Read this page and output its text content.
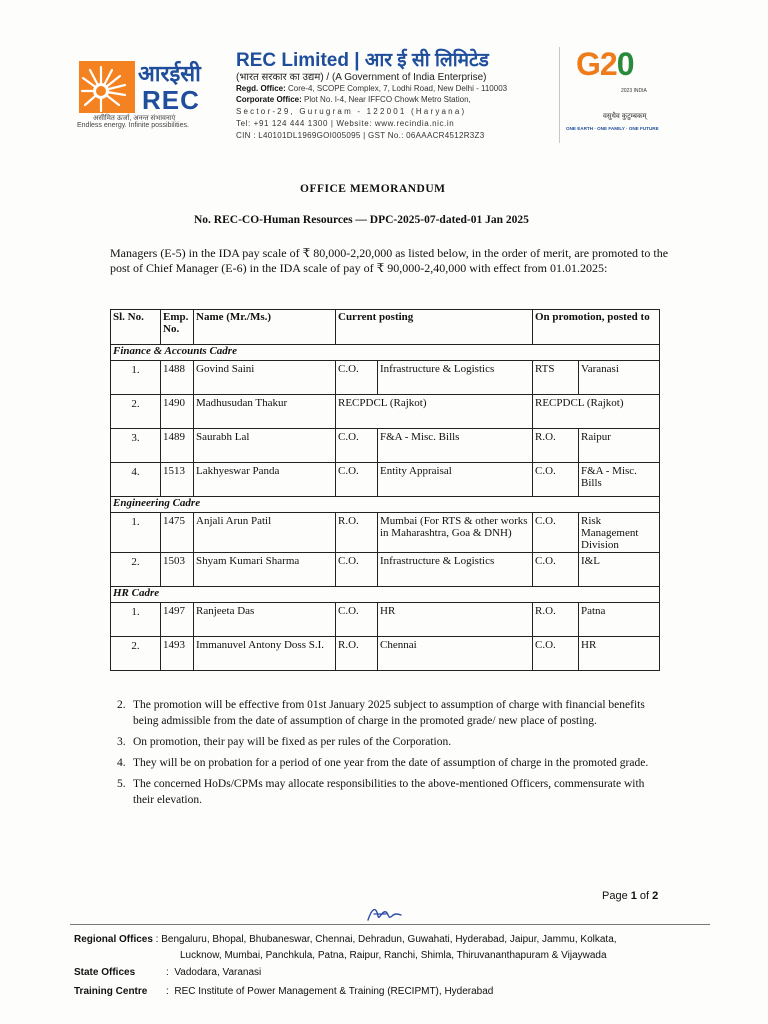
आरईसी
REC
असीमित ऊर्जा, अनन्त संभावनाएं
Endless energy. Infinite possibilities.
REC Limited | आर ई सी लिमिटेड
(भारत सरकार का उद्यम) / (A Government of India Enterprise)
Regd. Office: Core-4, SCOPE Complex, 7, Lodhi Road, New Delhi - 110003
Corporate Office: Plot No. I-4, Near IFFCO Chowk Metro Station,
Sector-29, Gurugram - 122001 (Haryana)
Tel: +91 124 444 1300 | Website: www.recindia.nic.in
CIN : L40101DL1969GOI005095 | GST No.: 06AAACR4512R3Z3
G20
2023 INDIA
वसुधैव कुटुम्बकम्
ONE EARTH · ONE FAMILY · ONE FUTURE
OFFICE MEMORANDUM
No. REC-CO-Human Resources — DPC-2025-07-dated-01 Jan 2025
Managers (E-5) in the IDA pay scale of ₹ 80,000-2,20,000 as listed below, in the order of merit, are promoted to the post of Chief Manager (E-6) in the IDA scale of pay of ₹ 90,000-2,40,000 with effect from 01.01.2025:
Sl. No.	Emp. No.	Name (Mr./Ms.)	Current posting		On promotion, posted to	
Finance & Accounts Cadre						
1.	1488	Govind Saini	C.O.	Infrastructure & Logistics	RTS	Varanasi
2.	1490	Madhusudan Thakur	RECPDCL (Rajkot)		RECPDCL (Rajkot)	
3.	1489	Saurabh Lal	C.O.	F&A - Misc. Bills	R.O.	Raipur
4.	1513	Lakhyeswar Panda	C.O.	Entity Appraisal	C.O.	F&A - Misc. Bills
Engineering Cadre						
1.	1475	Anjali Arun Patil	R.O.	Mumbai (For RTS & other works in Maharashtra, Goa & DNH)	C.O.	Risk Management Division
2.	1503	Shyam Kumari Sharma	C.O.	Infrastructure & Logistics	C.O.	I&L
HR Cadre						
1.	1497	Ranjeeta Das	C.O.	HR	R.O.	Patna
2.	1493	Immanuvel Antony Doss S.I.	R.O.	Chennai	C.O.	HR
2. The promotion will be effective from 01st January 2025 subject to assumption of charge with financial benefits being admissible from the date of assumption of charge in the promoted grade/ new place of posting.
3. On promotion, their pay will be fixed as per rules of the Corporation.
4. They will be on probation for a period of one year from the date of assumption of charge in the promoted grade.
5. The concerned HoDs/CPMs may allocate responsibilities to the above-mentioned Officers, commensurate with their elevation.
Page 1 of 2
Regional Offices : Bengaluru, Bhopal, Bhubaneswar, Chennai, Dehradun, Guwahati, Hyderabad, Jaipur, Jammu, Kolkata,
Lucknow, Mumbai, Panchkula, Patna, Raipur, Ranchi, Shimla, Thiruvananthapuram & Vijaywada
State Offices	:  Vadodara, Varanasi
Training Centre :  REC Institute of Power Management & Training (RECIPMT), Hyderabad
